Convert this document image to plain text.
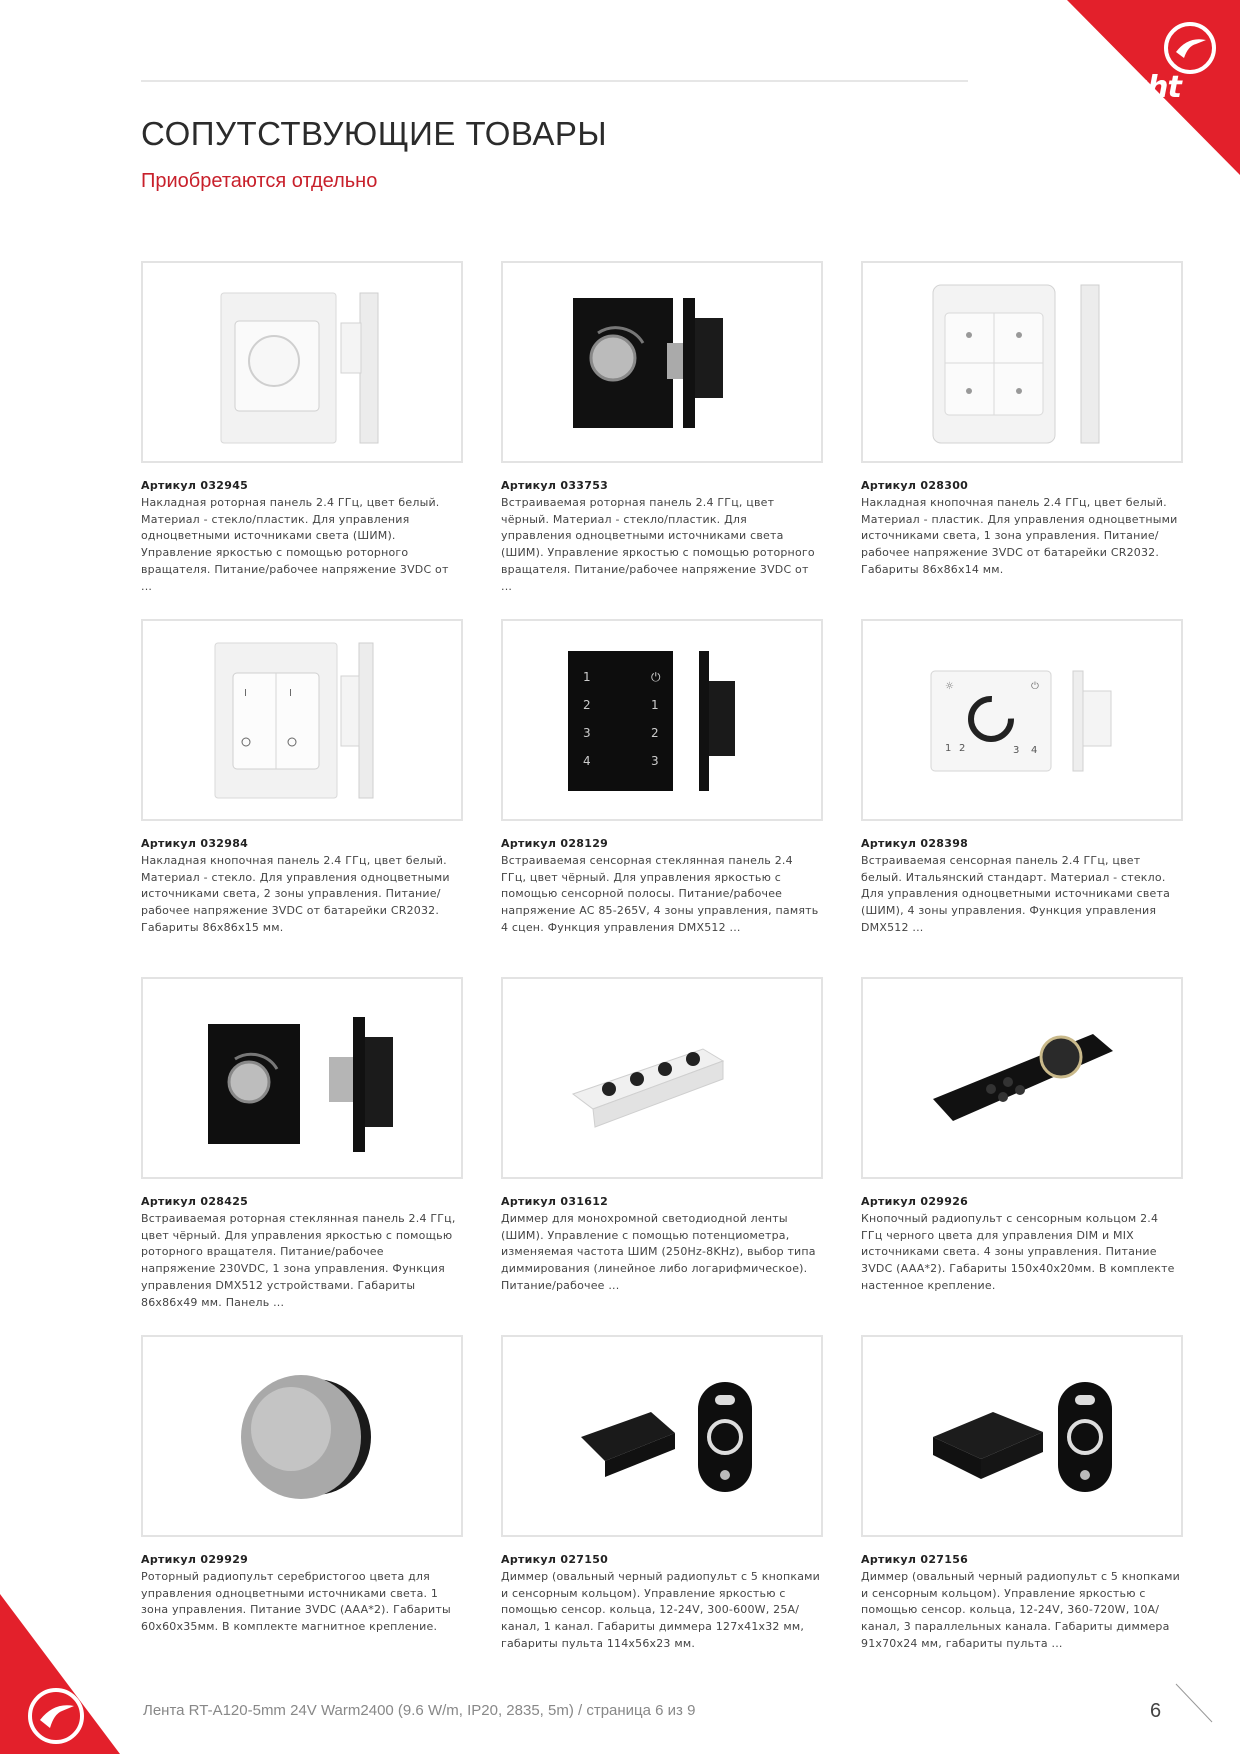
arlight
СОПУТСТВУЮЩИЕ ТОВАРЫ
Приобретаются отдельно
Артикул 032945
Накладная роторная панель 2.4 ГГц, цвет белый. Материал - стекло/пластик. Для управления одноцветными источниками света (ШИМ). Управление яркостью с помощью роторного вращателя. Питание/рабочее напряжение 3VDC от ...
Артикул 033753
Встраиваемая роторная панель 2.4 ГГц, цвет чёрный. Материал - стекло/пластик. Для управления одноцветными источниками света (ШИМ). Управление яркостью с помощью роторного вращателя. Питание/рабочее напряжение 3VDC от ...
Артикул 028300
Накладная кнопочная панель 2.4 ГГц, цвет белый. Материал - пластик. Для управления одноцветными источниками света, 1 зона управления. Питание/рабочее напряжение 3VDC от батарейки CR2032. Габариты 86х86х14 мм.
I	I
Артикул 032984
Накладная кнопочная панель 2.4 ГГц, цвет белый. Материал - стекло. Для управления одноцветными источниками света, 2 зоны управления. Питание/рабочее напряжение 3VDC от батарейки CR2032. Габариты 86х86х15 мм.
1
2
3
4
⏻
1
2
3
Артикул 028129
Встраиваемая сенсорная стеклянная панель 2.4 ГГц, цвет чёрный. Для управления яркостью с помощью сенсорной полосы. Питание/рабочее напряжение AC 85-265V, 4 зоны управления, память 4 сцен. Функция управления DMX512 ...
☼	⏻
1 2	3 4
Артикул 028398
Встраиваемая сенсорная панель 2.4 ГГц, цвет белый. Итальянский стандарт. Материал - стекло. Для управления одноцветными источниками света (ШИМ), 4 зоны управления. Функция управления DMX512 ...
Артикул 028425
Встраиваемая роторная стеклянная панель 2.4 ГГц, цвет чёрный. Для управления яркостью с помощью роторного вращателя. Питание/рабочее напряжение 230VDC, 1 зона управления. Функция управления DMX512 устройствами. Габариты 86х86х49 мм. Панель ...
Артикул 031612
Диммер для монохромной светодиодной ленты (ШИМ). Управление с помощью потенциометра, изменяемая частота ШИМ (250Hz-8KHz), выбор типа диммирования (линейное либо логарифмическое). Питание/рабочее ...
Артикул 029926
Кнопочный радиопульт с сенсорным кольцом 2.4 ГГц черного цвета для управления DIM и MIX источниками света. 4 зоны управления. Питание 3VDC (AAA*2). Габариты 150х40х20мм. В комплекте настенное крепление.
Артикул 029929
Роторный радиопульт серебристогоо цвета для управления одноцветными источниками света. 1 зона управления. Питание 3VDC (AAA*2). Габариты 60х60х35мм. В комплекте магнитное крепление.
Артикул 027150
Диммер (овальный черный радиопульт с 5 кнопками и сенсорным кольцом). Управление яркостью с помощью сенсор. кольца, 12-24V, 300-600W, 25А/канал, 1 канал. Габариты диммера 127х41х32 мм, габариты пульта 114х56х23 мм.
Артикул 027156
Диммер (овальный черный радиопульт с 5 кнопками и сенсорным кольцом). Управление яркостью с помощью сенсор. кольца, 12-24V, 360-720W, 10А/канал, 3 параллельных канала. Габариты диммера 91х70х24 мм, габариты пульта ...
Лента RT-A120-5mm 24V Warm2400 (9.6 W/m, IP20, 2835, 5m) / страница 6 из 9	6
